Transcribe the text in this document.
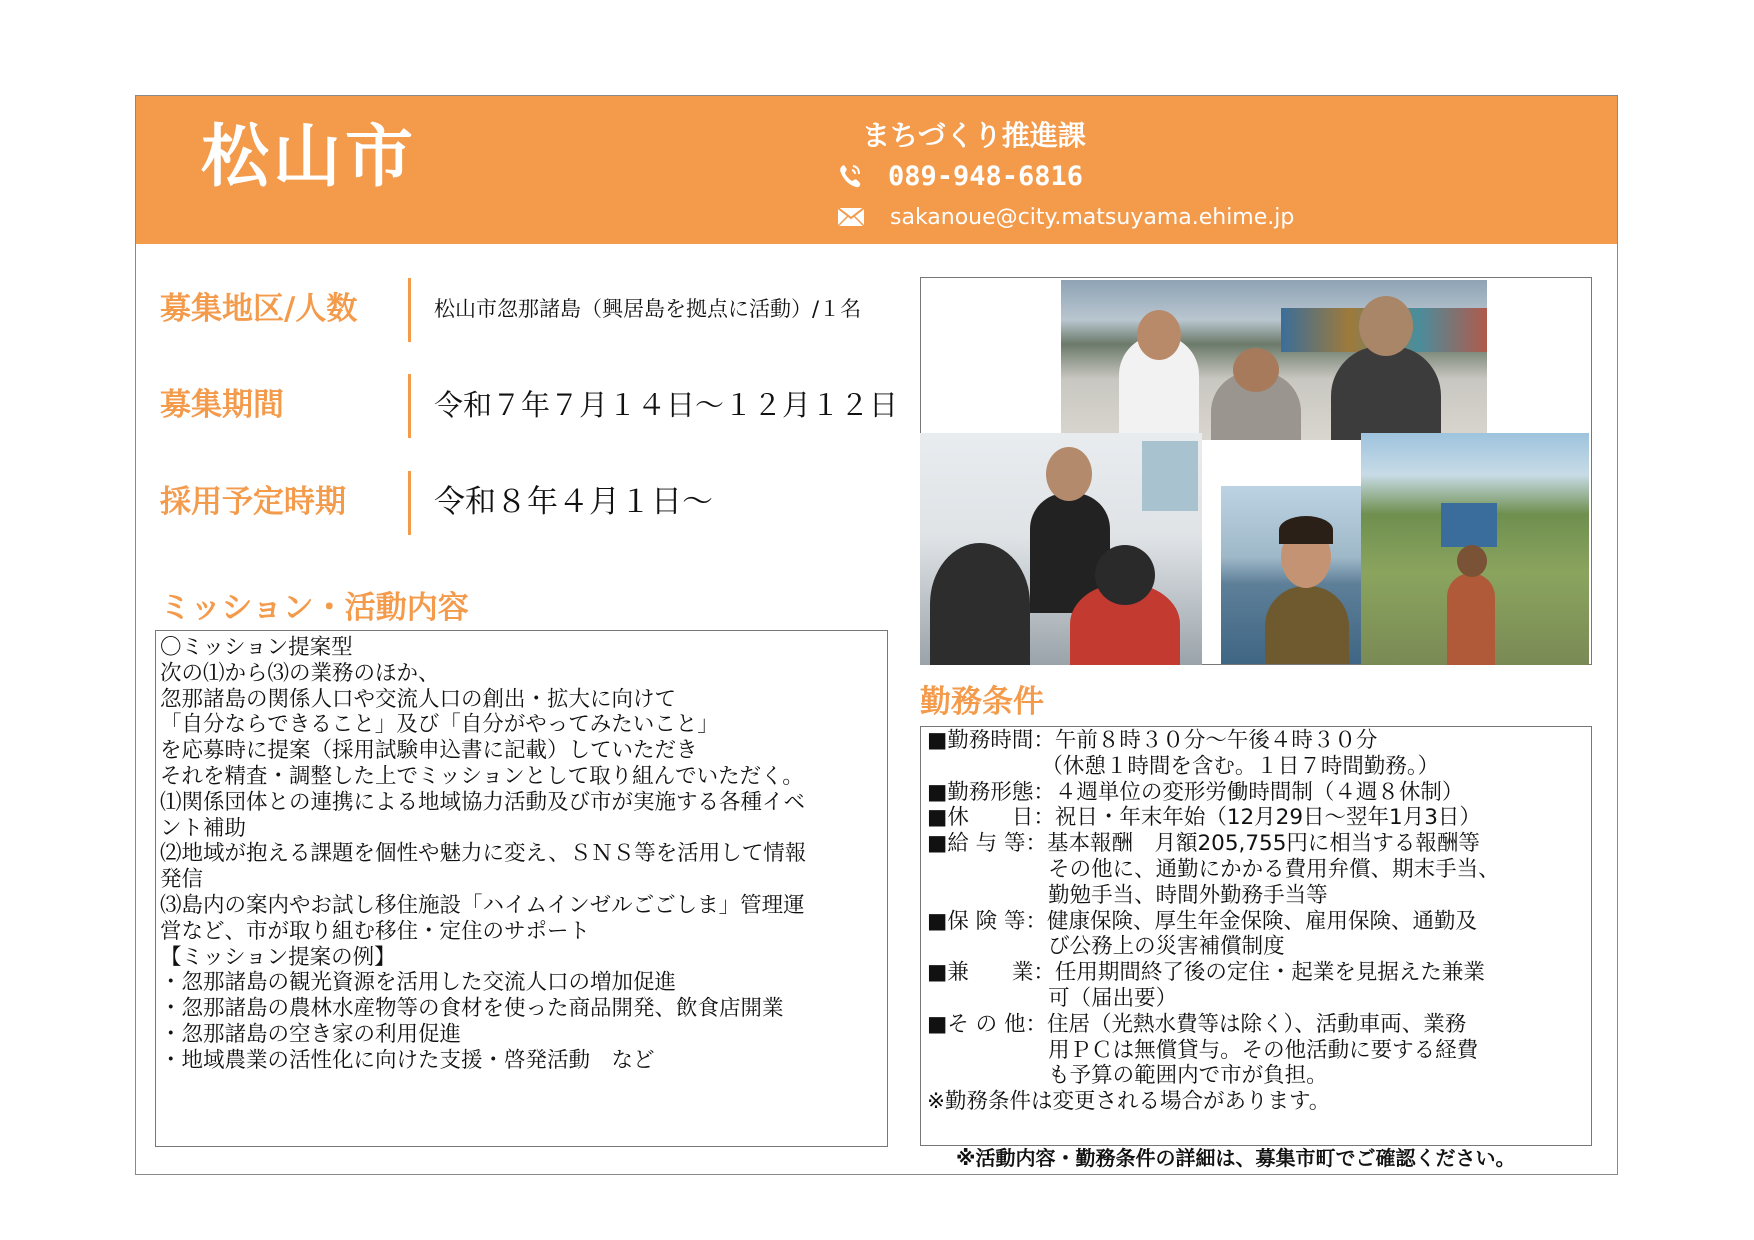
松山市	まちづくり推進課
089-948-6816
sakanoue@city.matsuyama.ehime.jp
募集地区/人数	松山市忽那諸島（興居島を拠点に活動）/１名
募集期間	令和７年７月１４日～１２月１２日
採用予定時期	令和８年４月１日～
ミッション・活動内容
〇ミッション提案型
次の⑴から⑶の業務のほか、
忽那諸島の関係人口や交流人口の創出・拡大に向けて
「自分ならできること」及び「自分がやってみたいこと」
を応募時に提案（採用試験申込書に記載）していただき
それを精査・調整した上でミッションとして取り組んでいただく。
⑴関係団体との連携による地域協力活動及び市が実施する各種イベ
ント補助
⑵地域が抱える課題を個性や魅力に変え、ＳＮＳ等を活用して情報
発信
⑶島内の案内やお試し移住施設「ハイムインゼルごごしま」管理運
営など、市が取り組む移住・定住のサポート
【ミッション提案の例】
・忽那諸島の観光資源を活用した交流人口の増加促進
・忽那諸島の農林水産物等の食材を使った商品開発、飲食店開業
・忽那諸島の空き家の利用促進
・地域農業の活性化に向けた支援・啓発活動　など
勤務条件
■勤務時間：午前８時３０分～午後４時３０分
　　　　　 （休憩１時間を含む。１日７時間勤務。）
■勤務形態：４週単位の変形労働時間制（４週８休制）
■休　　日：祝日・年末年始（12月29日～翌年1月3日）
■給 与 等：基本報酬　月額205,755円に相当する報酬等
　　　　　  その他に、通勤にかかる費用弁償、期末手当、
　　　　　  勤勉手当、時間外勤務手当等
■保 険 等：健康保険、厚生年金保険、雇用保険、通勤及
　　　　　  び公務上の災害補償制度
■兼　　業：任用期間終了後の定住・起業を見据えた兼業
　　　　　  可（届出要）
■そ の 他：住居（光熱水費等は除く）、活動車両、業務
　　　　　  用ＰＣは無償貸与。その他活動に要する経費
　　　　　  も予算の範囲内で市が負担。
※勤務条件は変更される場合があります。
※活動内容・勤務条件の詳細は、募集市町でご確認ください。
